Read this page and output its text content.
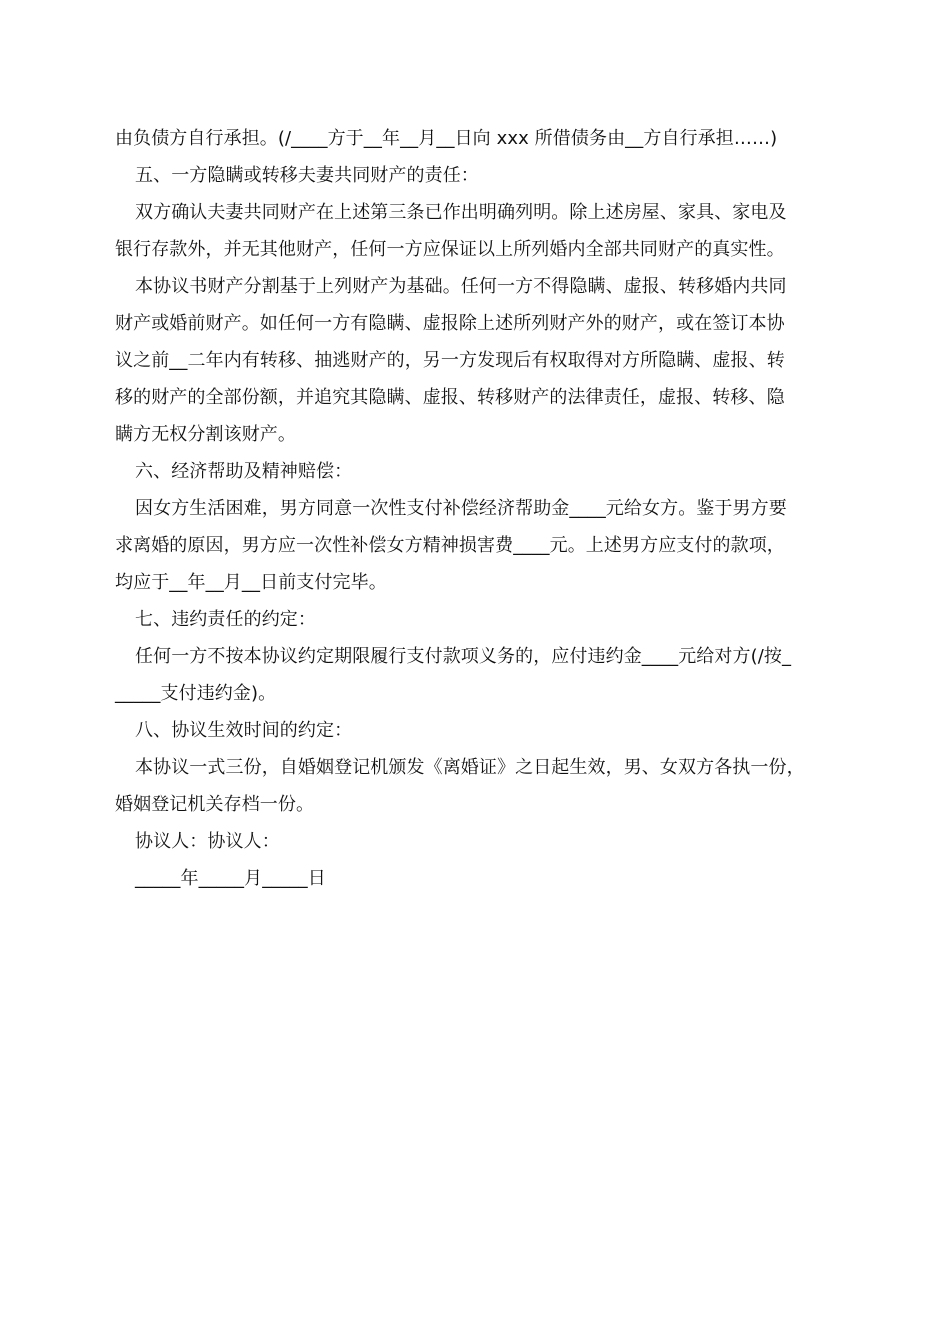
由负债方自行承担。(/____方于__年__月__日向 xxx 所借债务由__方自行承担……)
五、一方隐瞒或转移夫妻共同财产的责任：
双方确认夫妻共同财产在上述第三条已作出明确列明。除上述房屋、家具、家电及
银行存款外，并无其他财产，任何一方应保证以上所列婚内全部共同财产的真实性。
本协议书财产分割基于上列财产为基础。任何一方不得隐瞒、虚报、转移婚内共同
财产或婚前财产。如任何一方有隐瞒、虚报除上述所列财产外的财产，或在签订本协
议之前__二年内有转移、抽逃财产的，另一方发现后有权取得对方所隐瞒、虚报、转
移的财产的全部份额，并追究其隐瞒、虚报、转移财产的法律责任，虚报、转移、隐
瞒方无权分割该财产。
六、经济帮助及精神赔偿：
因女方生活困难，男方同意一次性支付补偿经济帮助金____元给女方。鉴于男方要
求离婚的原因，男方应一次性补偿女方精神损害费____元。上述男方应支付的款项，
均应于__年__月__日前支付完毕。
七、违约责任的约定：
任何一方不按本协议约定期限履行支付款项义务的，应付违约金____元给对方(/按_
_____支付违约金)。
八、协议生效时间的约定：
本协议一式三份，自婚姻登记机颁发《离婚证》之日起生效，男、女双方各执一份，
婚姻登记机关存档一份。
协议人：协议人：
_____年_____月_____日
